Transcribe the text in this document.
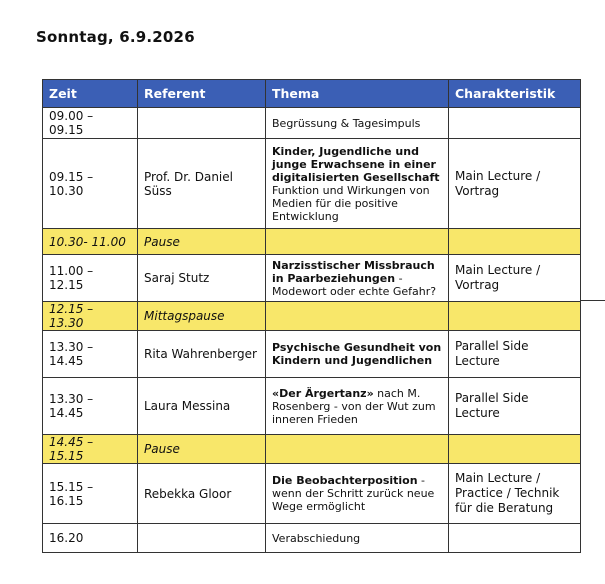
Sonntag, 6.9.2026
Zeit	Referent	Thema	Charakteristik
09.00 – 09.15		Begrüssung & Tagesimpuls	
09.15 – 10.30	Prof. Dr. Daniel Süss	Kinder, Jugendliche und junge Erwachsene in einer digitalisierten Gesellschaft
Funktion und Wirkungen von Medien für die positive Entwicklung	Main Lecture / Vortrag
10.30- 11.00	Pause		
11.00 – 12.15	Saraj Stutz	Narzisstischer Missbrauch in Paarbeziehungen - Modewort oder echte Gefahr?	Main Lecture / Vortrag
12.15 – 13.30	Mittagspause		
13.30 – 14.45	Rita Wahrenberger	Psychische Gesundheit von Kindern und Jugendlichen	Parallel Side Lecture
13.30 – 14.45	Laura Messina	«Der Ärgertanz» nach M. Rosenberg - von der Wut zum inneren Frieden	Parallel Side Lecture
14.45 – 15.15	Pause		
15.15 – 16.15	Rebekka Gloor	Die Beobachterposition - wenn der Schritt zurück neue Wege ermöglicht	Main Lecture / Practice / Technik für die Beratung
16.20		Verabschiedung	
